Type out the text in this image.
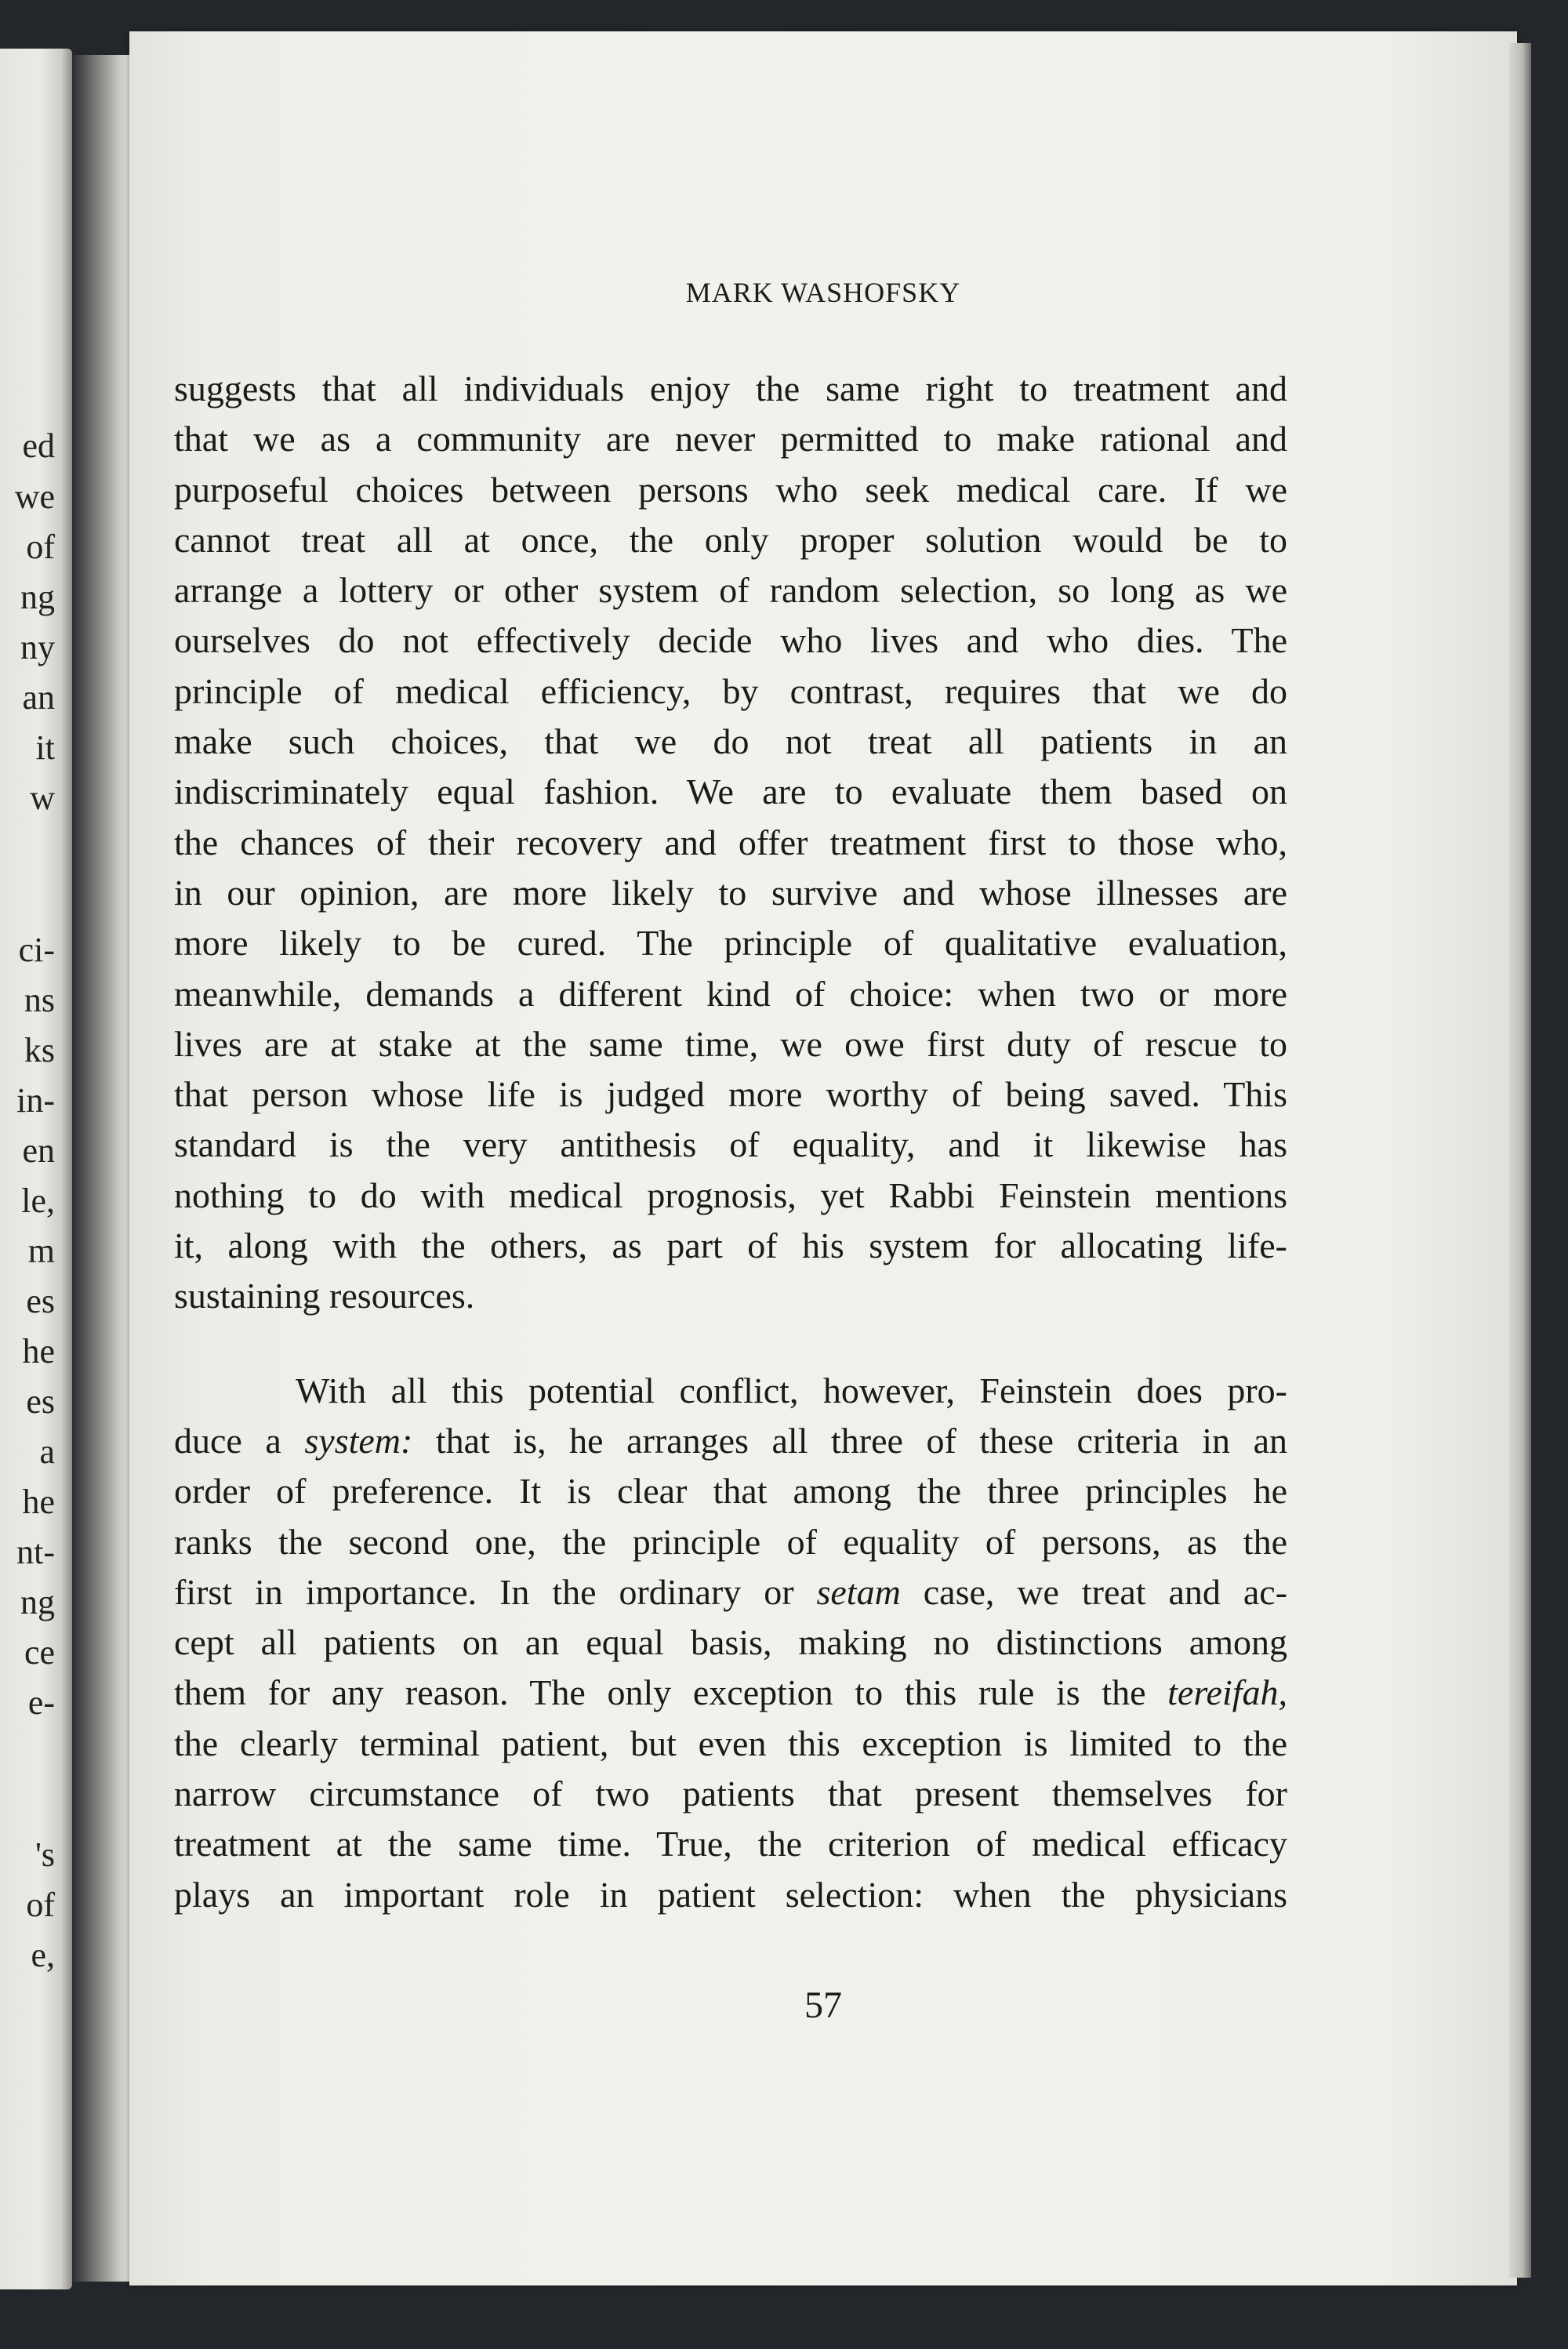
ed
we
of
ng
ny
an
it
w
ci-
ns
ks
in-
en
le,
m
es
he
es
a
he
nt-
ng
ce
e-
's
of
e,
MARK WASHOFSKY
suggests that all individuals enjoy the same right to treatment and
that we as a community are never permitted to make rational and
purposeful choices between persons who seek medical care. If we
cannot treat all at once, the only proper solution would be to
arrange a lottery or other system of random selection, so long as we
ourselves do not effectively decide who lives and who dies. The
principle of medical efficiency, by contrast, requires that we do
make such choices, that we do not treat all patients in an
indiscriminately equal fashion. We are to evaluate them based on
the chances of their recovery and offer treatment first to those who,
in our opinion, are more likely to survive and whose illnesses are
more likely to be cured. The principle of qualitative evaluation,
meanwhile, demands a different kind of choice: when two or more
lives are at stake at the same time, we owe first duty of rescue to
that person whose life is judged more worthy of being saved. This
standard is the very antithesis of equality, and it likewise has
nothing to do with medical prognosis, yet Rabbi Feinstein mentions
it, along with the others, as part of his system for allocating life-
sustaining resources.
With all this potential conflict, however, Feinstein does pro-
duce a system: that is, he arranges all three of these criteria in an
order of preference. It is clear that among the three principles he
ranks the second one, the principle of equality of persons, as the
first in importance. In the ordinary or setam case, we treat and ac-
cept all patients on an equal basis, making no distinctions among
them for any reason. The only exception to this rule is the tereifah,
the clearly terminal patient, but even this exception is limited to the
narrow circumstance of two patients that present themselves for
treatment at the same time. True, the criterion of medical efficacy
plays an important role in patient selection: when the physicians
57
